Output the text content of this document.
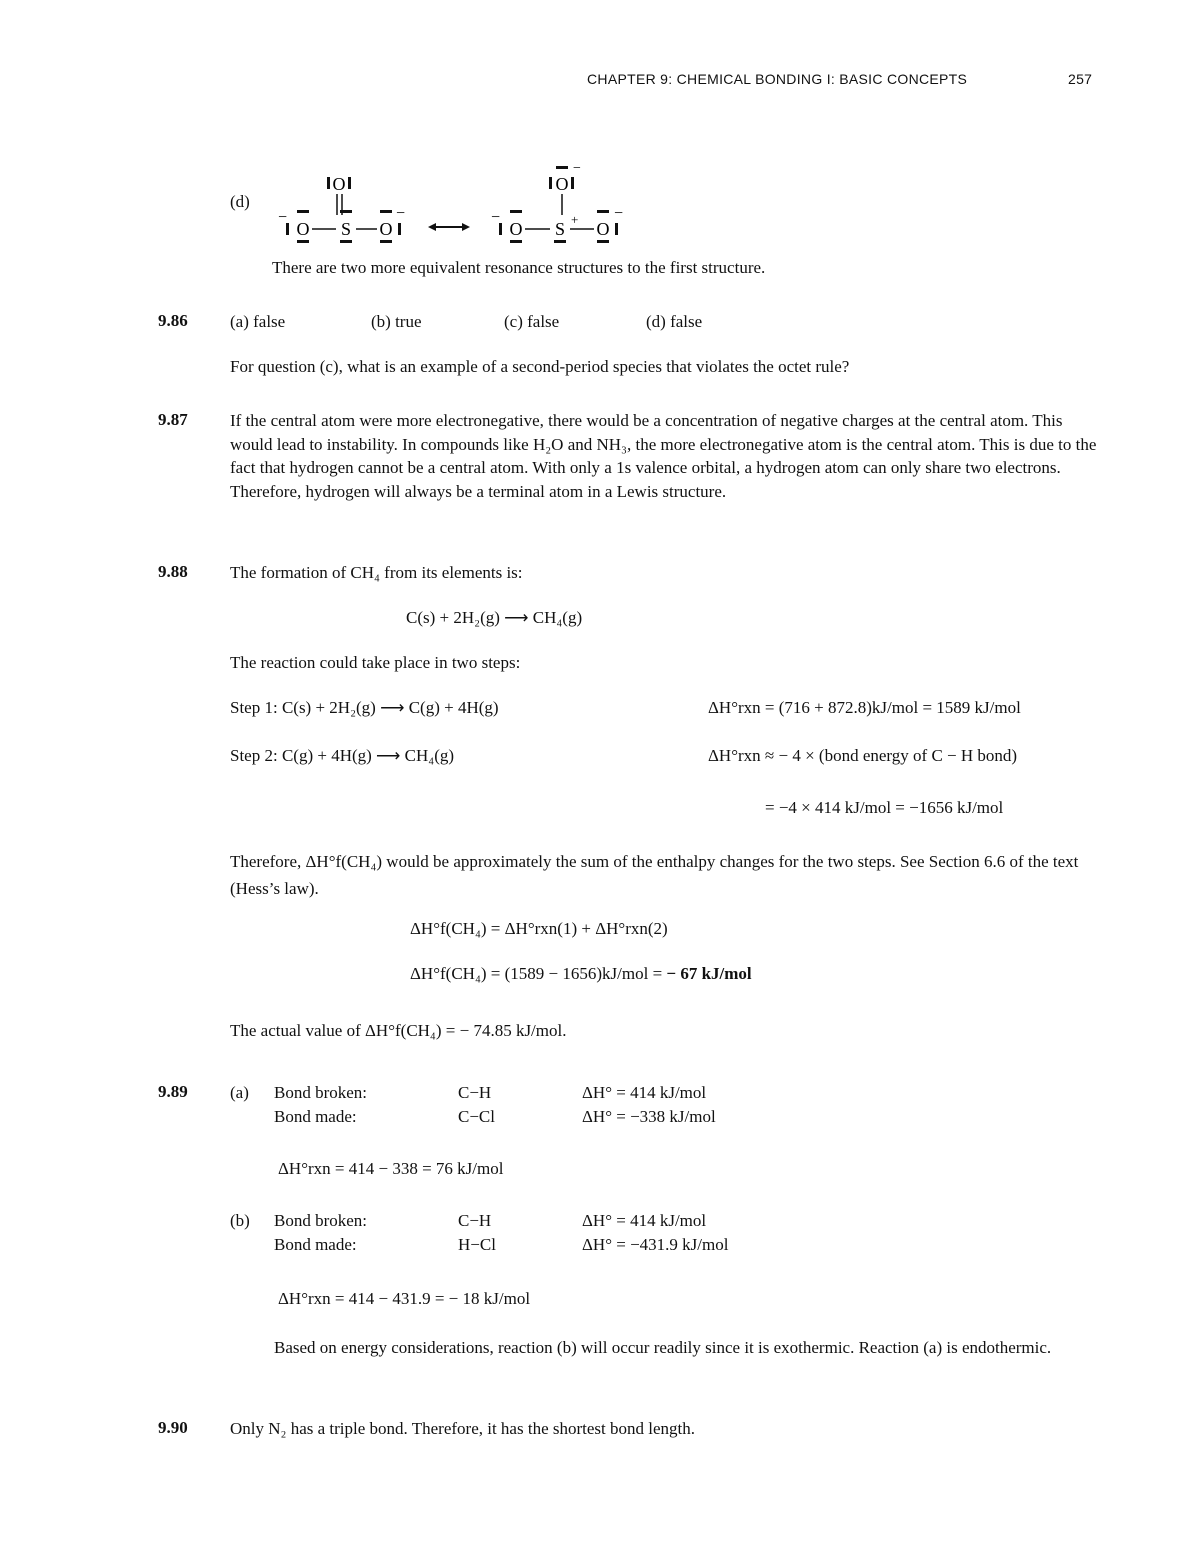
CHAPTER 9: CHEMICAL BONDING I: BASIC CONCEPTS	257
(d)
O
O S O
−	−
O
−
O S + O
−	−
There are two more equivalent resonance structures to the first structure.
9.86 (a) false	(b) true	(c) false	(d) false
For question (c), what is an example of a second-period species that violates the octet rule?
9.87 If the central atom were more electronegative, there would be a concentration of negative charges at the central atom. This would lead to instability. In compounds like H₂O and NH₃, the more electronegative atom is the central atom. This is due to the fact that hydrogen cannot be a central atom. With only a 1s valence orbital, a hydrogen atom can only share two electrons. Therefore, hydrogen will always be a terminal atom in a Lewis structure.
9.88 The formation of CH₄ from its elements is:
C(s) + 2H₂(g) ⟶ CH₄(g)
The reaction could take place in two steps:
Step 1: C(s) + 2H₂(g) ⟶ C(g) + 4H(g)	ΔH°rxn = (716 + 872.8)kJ/mol = 1589 kJ/mol
Step 2: C(g) + 4H(g) ⟶ CH₄(g)	ΔH°rxn ≈ − 4 × (bond energy of C − H bond)
= −4 × 414 kJ/mol = −1656 kJ/mol
Therefore, ΔH°f(CH₄) would be approximately the sum of the enthalpy changes for the two steps. See Section 6.6 of the text (Hess’s law).
ΔH°f(CH₄) = ΔH°rxn(1) + ΔH°rxn(2)
ΔH°f(CH₄) = (1589 − 1656)kJ/mol = − 67 kJ/mol
The actual value of ΔH°f(CH₄) = − 74.85 kJ/mol.
9.89 (a) Bond broken:	C−H	ΔH° = 414 kJ/mol
Bond made:	C−Cl	ΔH° = −338 kJ/mol
ΔH°rxn = 414 − 338 = 76 kJ/mol
(b) Bond broken:	C−H	ΔH° = 414 kJ/mol
Bond made:	H−Cl	ΔH° = −431.9 kJ/mol
ΔH°rxn = 414 − 431.9 = − 18 kJ/mol
Based on energy considerations, reaction (b) will occur readily since it is exothermic. Reaction (a) is endothermic.
9.90 Only N₂ has a triple bond. Therefore, it has the shortest bond length.
